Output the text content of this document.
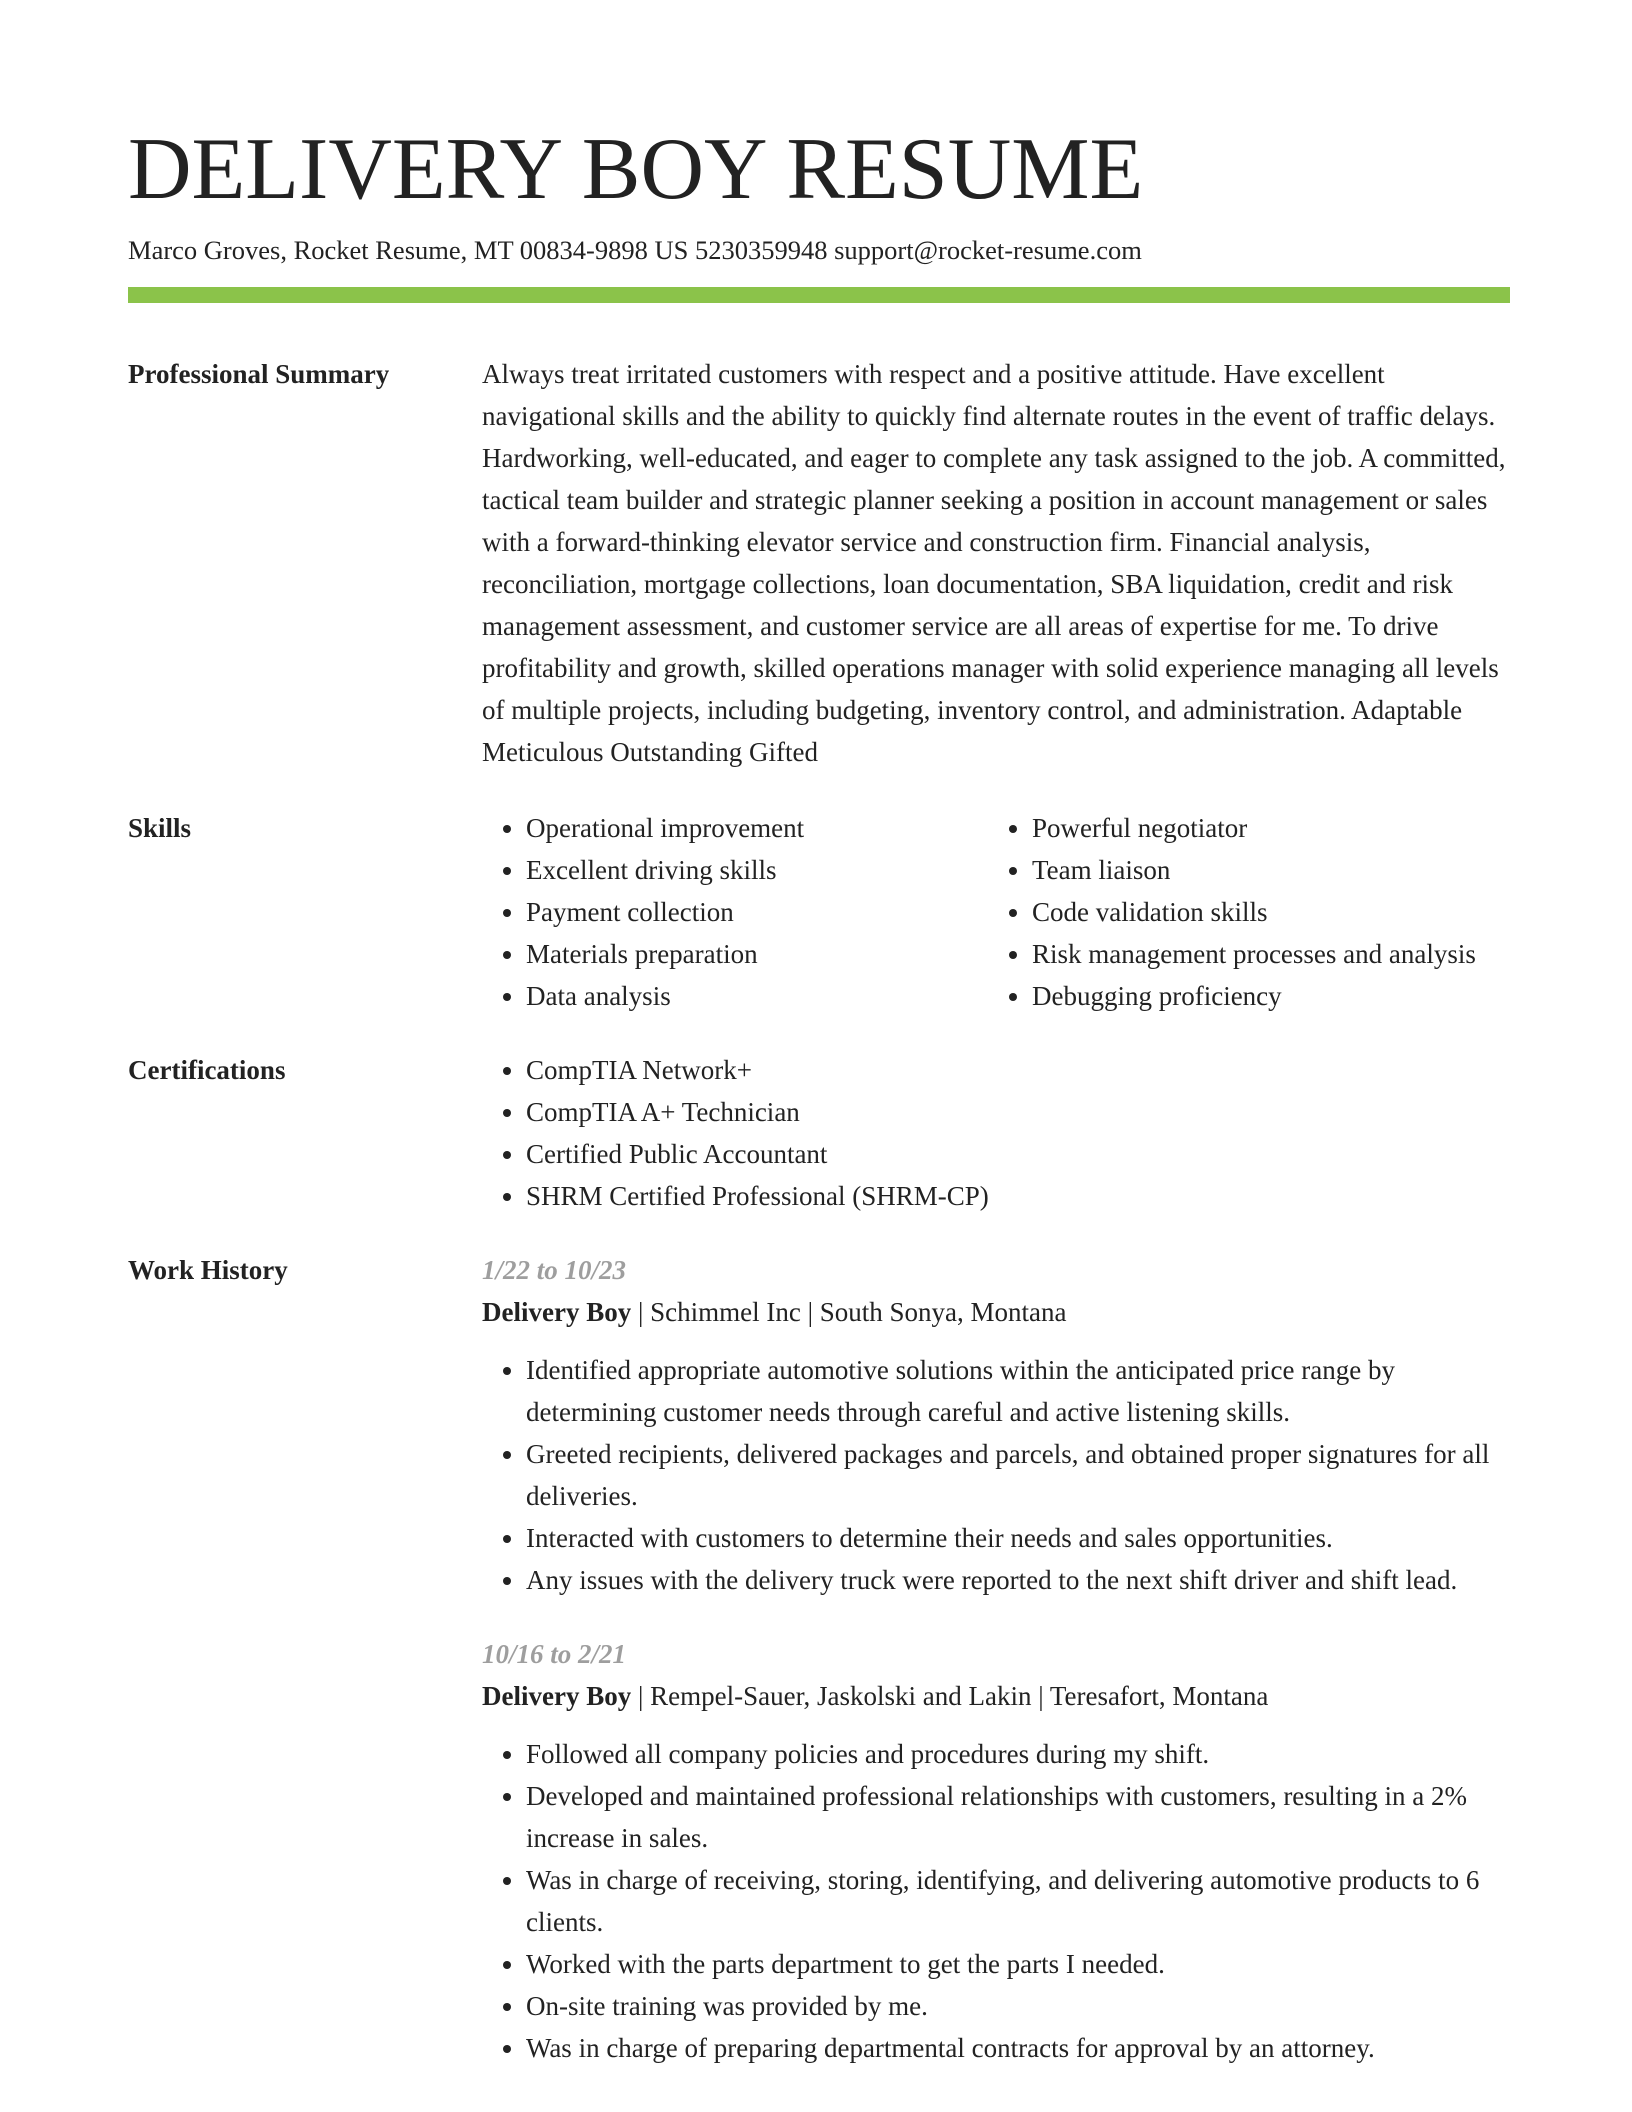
DELIVERY BOY RESUME
Marco Groves, Rocket Resume, MT 00834-9898 US 5230359948 support@rocket-resume.com
Professional Summary	Always treat irritated customers with respect and a positive attitude. Have excellent navigational skills and the ability to quickly find alternate routes in the event of traffic delays. Hardworking, well-educated, and eager to complete any task assigned to the job. A committed, tactical team builder and strategic planner seeking a position in account management or sales with a forward-thinking elevator service and construction firm. Financial analysis, reconciliation, mortgage collections, loan documentation, SBA liquidation, credit and risk management assessment, and customer service are all areas of expertise for me. To drive profitability and growth, skilled operations manager with solid experience managing all levels of multiple projects, including budgeting, inventory control, and administration. Adaptable Meticulous Outstanding Gifted
Skills	• Operational improvement
• Excellent driving skills
• Payment collection
• Materials preparation
• Data analysis
• Powerful negotiator
• Team liaison
• Code validation skills
• Risk management processes and analysis
• Debugging proficiency
Certifications	• CompTIA Network+
• CompTIA A+ Technician
• Certified Public Accountant
• SHRM Certified Professional (SHRM-CP)
Work History	1/22 to 10/23
Delivery Boy | Schimmel Inc | South Sonya, Montana
• Identified appropriate automotive solutions within the anticipated price range by determining customer needs through careful and active listening skills.
• Greeted recipients, delivered packages and parcels, and obtained proper signatures for all deliveries.
• Interacted with customers to determine their needs and sales opportunities.
• Any issues with the delivery truck were reported to the next shift driver and shift lead.
10/16 to 2/21
Delivery Boy | Rempel-Sauer, Jaskolski and Lakin | Teresafort, Montana
• Followed all company policies and procedures during my shift.
• Developed and maintained professional relationships with customers, resulting in a 2% increase in sales.
• Was in charge of receiving, storing, identifying, and delivering automotive products to 6 clients.
• Worked with the parts department to get the parts I needed.
• On-site training was provided by me.
• Was in charge of preparing departmental contracts for approval by an attorney.
